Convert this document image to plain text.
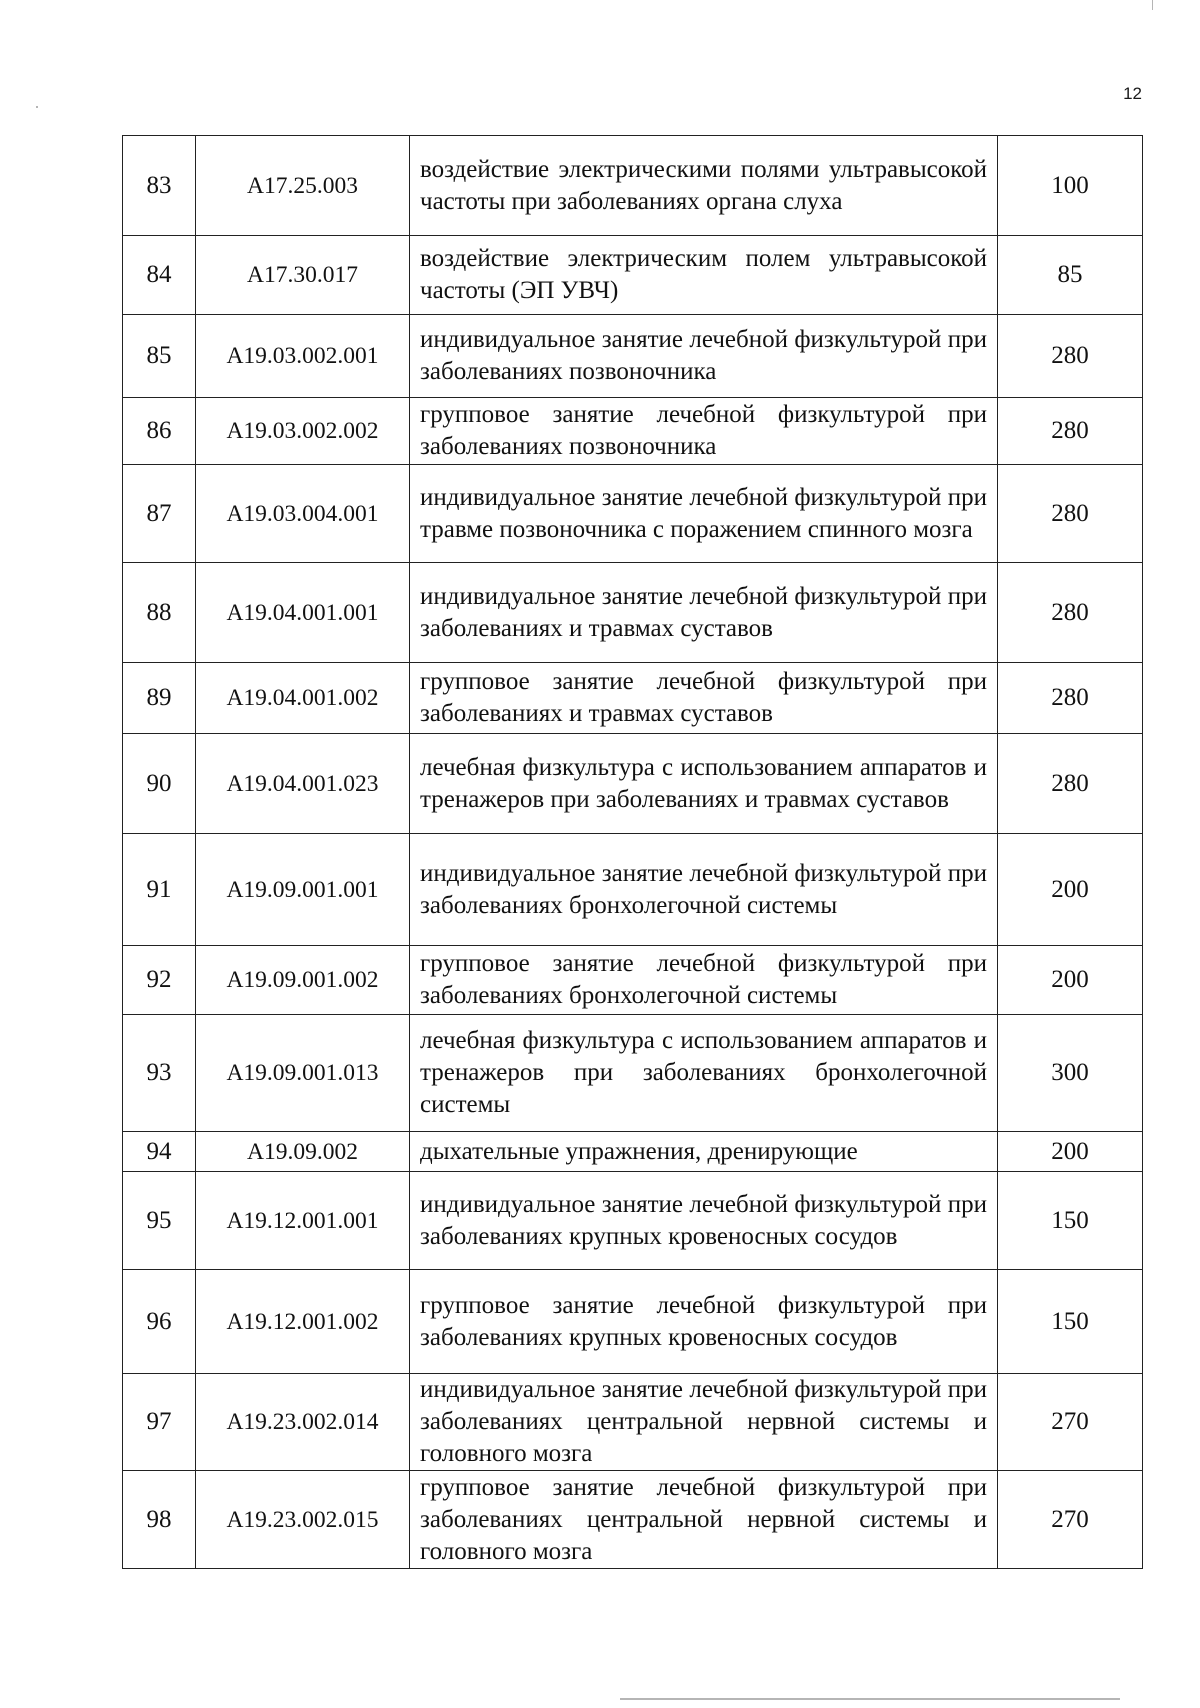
12
83	A17.25.003	воздействие электрическими полями ультравысокой частоты при заболеваниях органа слуха	100
84	A17.30.017	воздействие электрическим полем ультравысокой частоты (ЭП УВЧ)	85
85	A19.03.002.001	индивидуальное занятие лечебной физкультурой при заболеваниях позвоночника	280
86	A19.03.002.002	групповое занятие лечебной физкультурой при заболеваниях позвоночника	280
87	A19.03.004.001	индивидуальное занятие лечебной физкультурой при травме позвоночника с поражением спинного мозга	280
88	A19.04.001.001	индивидуальное занятие лечебной физкультурой при заболеваниях и травмах суставов	280
89	A19.04.001.002	групповое занятие лечебной физкультурой при заболеваниях и травмах суставов	280
90	A19.04.001.023	лечебная физкультура с использованием аппаратов и тренажеров при заболеваниях и травмах суставов	280
91	A19.09.001.001	индивидуальное занятие лечебной физкультурой при заболеваниях бронхолегочной системы	200
92	A19.09.001.002	групповое занятие лечебной физкультурой при заболеваниях бронхолегочной системы	200
93	A19.09.001.013	лечебная физкультура с использованием аппаратов и тренажеров при заболеваниях бронхолегочной системы	300
94	A19.09.002	дыхательные упражнения, дренирующие	200
95	A19.12.001.001	индивидуальное занятие лечебной физкультурой при заболеваниях крупных кровеносных сосудов	150
96	A19.12.001.002	групповое занятие лечебной физкультурой при заболеваниях крупных кровеносных сосудов	150
97	A19.23.002.014	индивидуальное занятие лечебной физкультурой при заболеваниях центральной нервной системы и головного мозга	270
98	A19.23.002.015	групповое занятие лечебной физкультурой при заболеваниях центральной нервной системы и головного мозга	270
